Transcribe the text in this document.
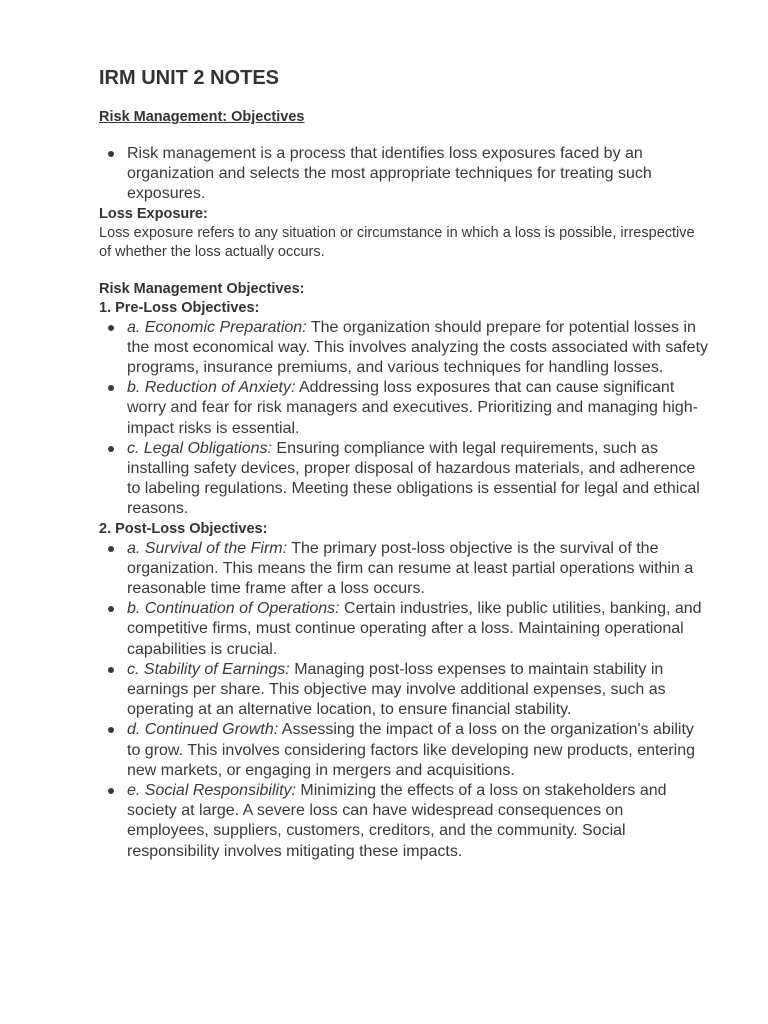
IRM UNIT 2 NOTES
Risk Management: Objectives
Risk management is a process that identifies loss exposures faced by an organization and selects the most appropriate techniques for treating such exposures.
Loss Exposure:
Loss exposure refers to any situation or circumstance in which a loss is possible, irrespective of whether the loss actually occurs.
Risk Management Objectives:
1. Pre-Loss Objectives:
a. Economic Preparation: The organization should prepare for potential losses in the most economical way. This involves analyzing the costs associated with safety programs, insurance premiums, and various techniques for handling losses.
b. Reduction of Anxiety: Addressing loss exposures that can cause significant worry and fear for risk managers and executives. Prioritizing and managing high-impact risks is essential.
c. Legal Obligations: Ensuring compliance with legal requirements, such as installing safety devices, proper disposal of hazardous materials, and adherence to labeling regulations. Meeting these obligations is essential for legal and ethical reasons.
2. Post-Loss Objectives:
a. Survival of the Firm: The primary post-loss objective is the survival of the organization. This means the firm can resume at least partial operations within a reasonable time frame after a loss occurs.
b. Continuation of Operations: Certain industries, like public utilities, banking, and competitive firms, must continue operating after a loss. Maintaining operational capabilities is crucial.
c. Stability of Earnings: Managing post-loss expenses to maintain stability in earnings per share. This objective may involve additional expenses, such as operating at an alternative location, to ensure financial stability.
d. Continued Growth: Assessing the impact of a loss on the organization's ability to grow. This involves considering factors like developing new products, entering new markets, or engaging in mergers and acquisitions.
e. Social Responsibility: Minimizing the effects of a loss on stakeholders and society at large. A severe loss can have widespread consequences on employees, suppliers, customers, creditors, and the community. Social responsibility involves mitigating these impacts.
